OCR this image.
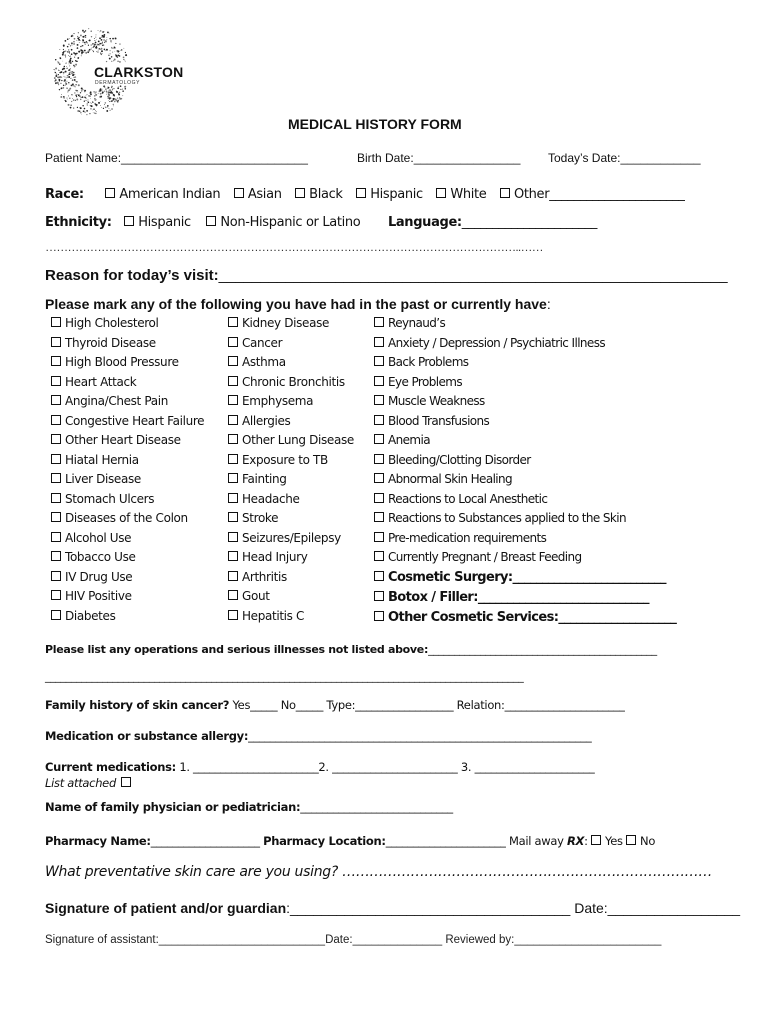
CLARKSTON
DERMATOLOGY
MEDICAL HISTORY FORM
Patient Name:____________________________	Birth Date:________________ Today’s Date:____________
Race:	American Indian Asian Black Hispanic White Other______________________
Ethnicity: Hispanic Non-Hispanic or Latino Language:______________________
………………………………………………………………………………………………………………..……
Reason for today’s visit:_____________________________________________________________
Please mark any of the following you have had in the past or currently have:
High Cholesterol
Thyroid Disease
High Blood Pressure
Heart Attack
Angina/Chest Pain
Congestive Heart Failure
Other Heart Disease
Hiatal Hernia
Liver Disease
Stomach Ulcers
Diseases of the Colon
Alcohol Use
Tobacco Use
IV Drug Use
HIV Positive
Diabetes
Kidney Disease
Cancer
Asthma
Chronic Bronchitis
Emphysema
Allergies
Other Lung Disease
Exposure to TB
Fainting
Headache
Stroke
Seizures/Epilepsy
Head Injury
Arthritis
Gout
Hepatitis C
Reynaud’s
Anxiety / Depression / Psychiatric Illness
Back Problems
Eye Problems
Muscle Weakness
Blood Transfusions
Anemia
Bleeding/Clotting Disorder
Abnormal Skin Healing
Reactions to Local Anesthetic
Reactions to Substances applied to the Skin
Pre-medication requirements
Currently Pregnant / Breast Feeding
Cosmetic Surgery:__________________________
Botox / Filler:_____________________________
Other Cosmetic Services:____________________
Please list any operations and serious illnesses not listed above:____________________________________________
____________________________________________________________________________________________
Family history of skin cancer? Yes_____ No_____ Type:__________________ Relation:______________________
Medication or substance allergy:_______________________________________________________________
Current medications: 1. _______________________2. _______________________ 3. ______________________
List attached
Name of family physician or pediatrician:____________________________
Pharmacy Name:____________________ Pharmacy Location:______________________ Mail away RX: Yes No
What preventative skin care are you using? ………………………………………………………………………
Signature of patient and/or guardian:____________________________________ Date:_________________
Signature of assistant:__________________________Date:______________ Reviewed by:_______________________
